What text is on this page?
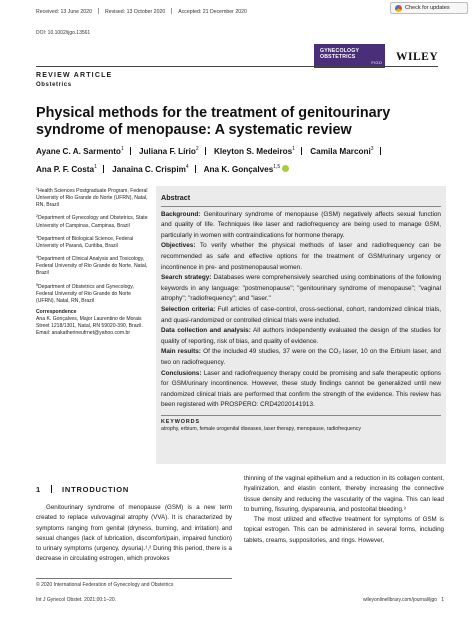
Received: 13 June 2020	Revised: 13 October 2020	Accepted: 21 December 2020
DOI: 10.1002/ijgo.13561
Check for updates
GYNECOLOGY
OBSTETRICS
FIGO WILEY
REVIEW ARTICLE
Obstetrics
Physical methods for the treatment of genitourinary syndrome of menopause: A systematic review
Ayane C. A. Sarmento$^1$ Juliana F. Lírio$^2$ Kleyton S. Medeiros$^1$ Camila Marconi$^3$
Ana P. F. Costa$^1$ Janaina C. Crispim$^4$ Ana K. Gonçalves$^{1,5}$

$^1$Health Sciences Postgraduate Program, Federal University of Rio Grande do Norte (UFRN), Natal, RN, Brazil

$^2$Department of Gynecology and Obstetrics, State University of Campinas, Campinas, Brazil

$^3$Department of Biological Science, Federal University of Paraná, Curitiba, Brazil

$^4$Department of Clinical Analysis and Toxicology, Federal University of Rio Grande do Norte, Natal, Brazil

$^5$Department of Obstetrics and Gynecology, Federal University of Rio Grande do Norte (UFRN), Natal, RN, Brazil

Correspondence

Ana K. Gonçalves, Major Laurentino de Morais Street 1218/1301, Natal, RN 59020-390, Brazil.

Email: anakatherineufrnet@yahoo.com.br

Abstract

Background: Genitourinary syndrome of menopause (GSM) negatively affects sexual function and quality of life. Techniques like laser and radiofrequency are being used to manage GSM, particularly in women with contraindications for hormone therapy.

Objectives: To verify whether the physical methods of laser and radiofrequency can be recommended as safe and effective options for the treatment of GSM/urinary urgency or incontinence in pre- and postmenopausal women.

Search strategy: Databases were comprehensively searched using combinations of the following keywords in any language: "postmenopause"; "genitourinary syndrome of menopause"; "vaginal atrophy"; "radiofrequency"; and "laser."

Selection criteria: Full articles of case-control, cross-sectional, cohort, randomized clinical trials, and quasi-randomized or controlled clinical trials were included.

Data collection and analysis: All authors independently evaluated the design of the studies for quality of reporting, risk of bias, and quality of evidence.

Main results: Of the included 49 studies, 37 were on the CO₂ laser, 10 on the Erbium laser, and two on radiofrequency.

Conclusions: Laser and radiofrequency therapy could be promising and safe therapeutic options for GSM/urinary incontinence. However, these study findings cannot be generalized until new randomized clinical trials are performed that confirm the strength of the evidence. This review has been registered with PROSPERO: CRD42020141913.

KEYWORDS
atrophy, erbium, female urogenital diseases, laser therapy, menopause, radiofrequency
1	INTRODUCTION

Genitourinary syndrome of menopause (GSM) is a new term created to replace vulvovaginal atrophy (VVA). It is characterized by symptoms ranging from genital (dryness, burning, and irritation) and sexual changes (lack of lubrication, discomfort/pain, impaired function) to urinary symptoms (urgency, dysuria).¹,² During this period, there is a decrease in circulating estrogen, which provokes

thinning of the vaginal epithelium and a reduction in its collagen content, hyalinization, and elastin content, thereby increasing the connective tissue density and reducing the vascularity of the vagina. This can lead to burning, fissuring, dyspareunia, and postcoital bleeding.³

The most utilized and effective treatment for symptoms of GSM is topical estrogen. This can be administered in several forms, including tablets, creams, suppositories, and rings. However,

© 2020 International Federation of Gynecology and Obstetrics
Int J Gynecol Obstet. 2021;00:1–20.	wileyonlinelibrary.com/journal/ijgo 1
